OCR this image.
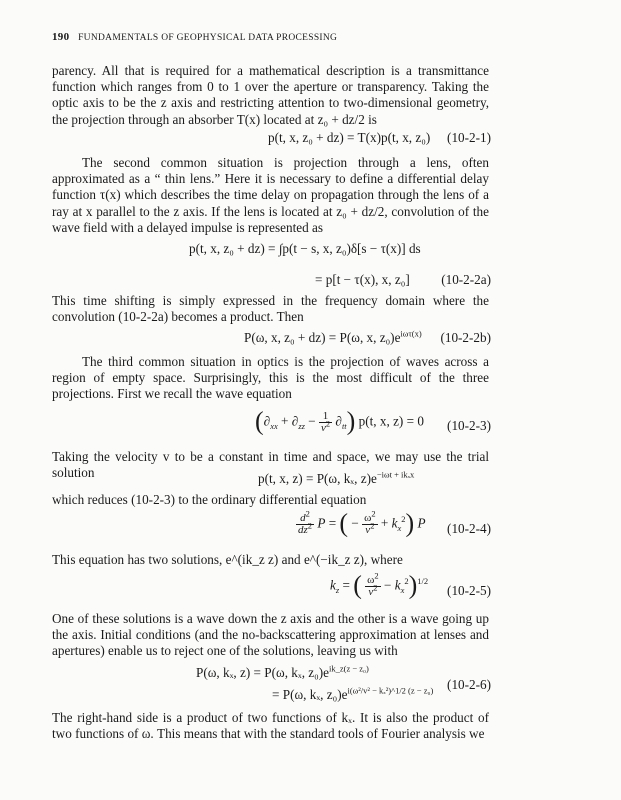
190 FUNDAMENTALS OF GEOPHYSICAL DATA PROCESSING
parency. All that is required for a mathematical description is a transmittance function which ranges from 0 to 1 over the aperture or transparency. Taking the optic axis to be the z axis and restricting attention to two-dimensional geometry, the projection through an absorber T(x) located at z₀ + dz/2 is
p(t, x, z₀ + dz) = T(x)p(t, x, z₀) (10-2-1)
The second common situation is projection through a lens, often approximated as a “ thin lens.” Here it is necessary to define a differential delay function τ(x) which describes the time delay on propagation through the lens of a ray at x parallel to the z axis. If the lens is located at z₀ + dz/2, convolution of the wave field with a delayed impulse is represented as
p(t, x, z₀ + dz) = ∫p(t − s, x, z₀)δ[s − τ(x)] ds
= p[t − τ(x), x, z₀] (10-2-2a)
This time shifting is simply expressed in the frequency domain where the convolution (10-2-2a) becomes a product. Then
P(ω, x, z₀ + dz) = P(ω, x, $z_0)e^{i\omega\tau(x)}$ (10-2-2b)
The third common situation in optics is the projection of waves across a region of empty space. Surprisingly, this is the most difficult of the three projections. First we recall the wave equation
$(\partial_{xx} + \partial_{zz} - \frac{1}{v^2} \partial_{tt})$ p(t, x, z) = 0 (10-2-3)
Taking the velocity v to be a constant in time and space, we may use the trial solution	p(t, x, z) = P(ω, kₓ, $z)e^{-i\omega t + ik_xx}$
which reduces (10-2-3) to the ordinary differential equation
$\frac{d^2}{dz^2}$ P = ( − $\frac{\omega^2}{v^2} + k_x^2$) P (10-2-4)
This equation has two solutions, e^(ik_z z) and e^(−ik_z z), where
$k_z$ = ( $\frac{\omega^2}{v^2} - k_x^2)^{1/2}$
(10-2-5)
One of these solutions is a wave down the z axis and the other is a wave going up the axis. Initial conditions (and the no-backscattering approximation at lenses and apertures) enable us to reject one of the solutions, leaving us with
P(ω, kₓ, z) = P(ω, kₓ, $z_0)e^{ik\_z(z - z_0)}$
= P(ω, kₓ, $z_0)e^{i(\omega^2/v^2 - k_x^2)\^{}1/2 (z - z_0)}$ (10-2-6)
The right-hand side is a product of two functions of kₓ. It is also the product of two functions of ω. This means that with the standard tools of Fourier analysis we
